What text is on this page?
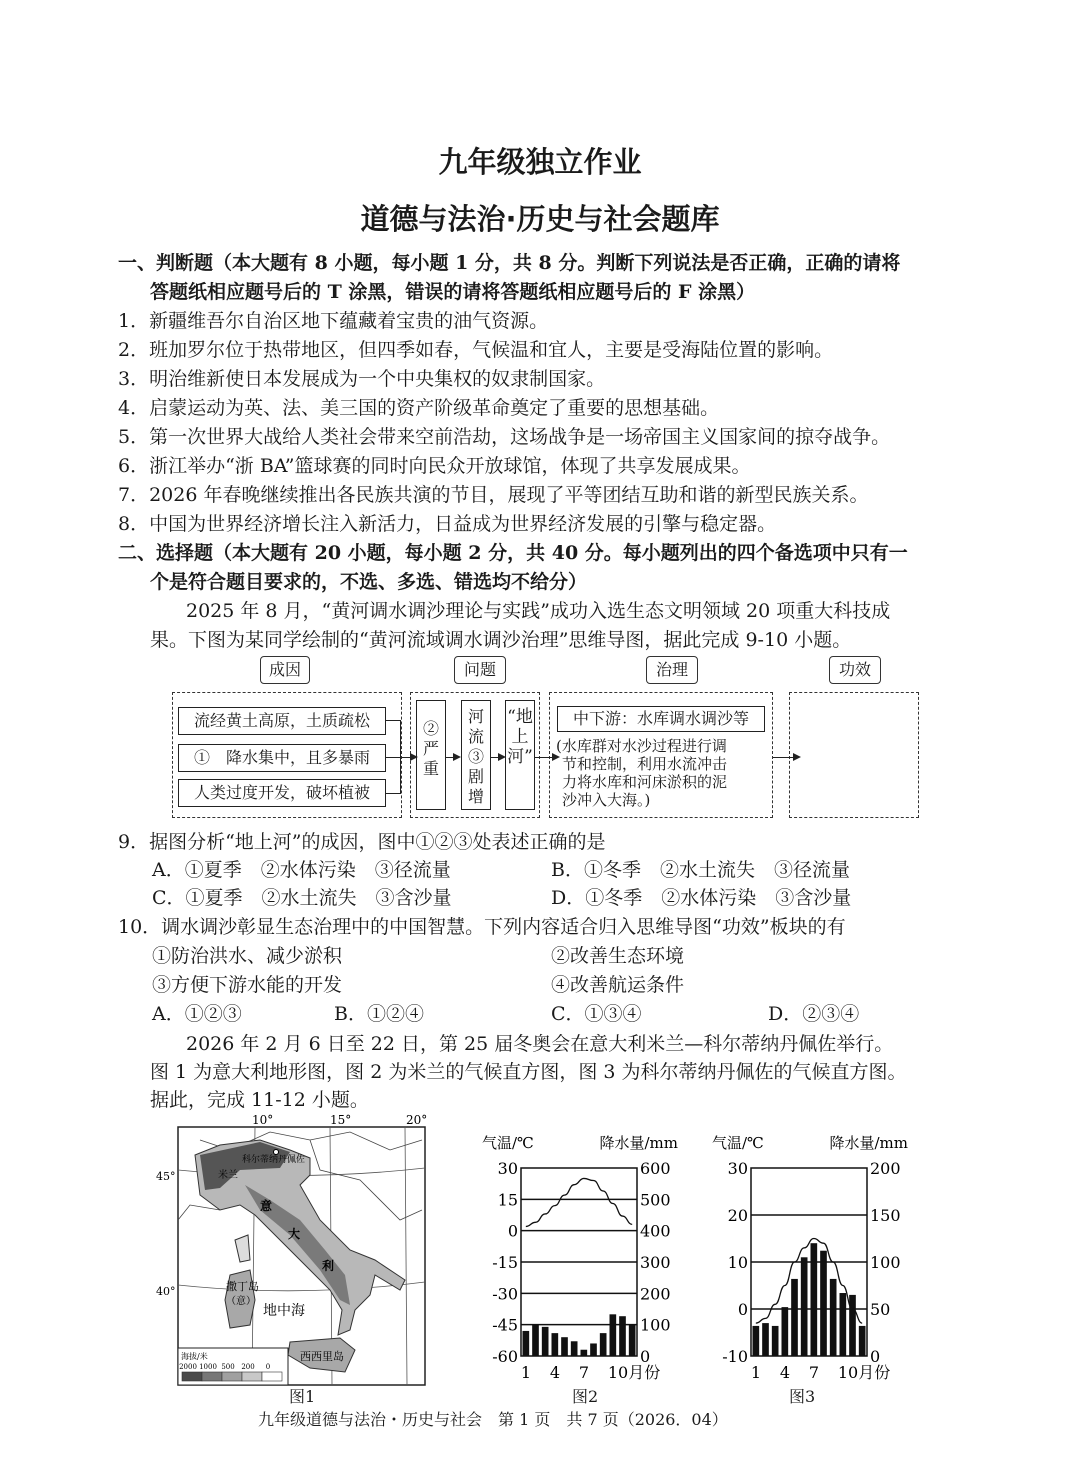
九年级独立作业
道德与法治·历史与社会题库
一、判断题（本大题有 8 小题，每小题 1 分，共 8 分。判断下列说法是否正确，正确的请将
答题纸相应题号后的 T 涂黑，错误的请将答题纸相应题号后的 F 涂黑）
1．新疆维吾尔自治区地下蕴藏着宝贵的油气资源。
2．班加罗尔位于热带地区，但四季如春，气候温和宜人，主要是受海陆位置的影响。
3．明治维新使日本发展成为一个中央集权的奴隶制国家。
4．启蒙运动为英、法、美三国的资产阶级革命奠定了重要的思想基础。
5．第一次世界大战给人类社会带来空前浩劫，这场战争是一场帝国主义国家间的掠夺战争。
6．浙江举办“浙 BA”篮球赛的同时向民众开放球馆，体现了共享发展成果。
7．2026 年春晚继续推出各民族共演的节目，展现了平等团结互助和谐的新型民族关系。
8．中国为世界经济增长注入新活力，日益成为世界经济发展的引擎与稳定器。
二、选择题（本大题有 20 小题，每小题 2 分，共 40 分。每小题列出的四个备选项中只有一
个是符合题目要求的，不选、多选、错选均不给分）
2025 年 8 月，“黄河调水调沙理论与实践”成功入选生态文明领域 20 项重大科技成
果。下图为某同学绘制的“黄河流域调水调沙治理”思维导图，据此完成 9-10 小题。
成因	问题	治理	功效
流经黄土高原，土质疏松
①　降水集中，且多暴雨
人类过度开发，破坏植被
②严重
河流③剧增
“地上河”
中下游：水库调水调沙等
(水库群对水沙过程进行调
节和控制，利用水流冲击
力将水库和河床淤积的泥
沙冲入大海。)
9．据图分析“地上河”的成因，图中①②③处表述正确的是
A．①夏季　②水体污染　③径流量	B．①冬季　②水土流失　③径流量
C．①夏季　②水土流失　③含沙量	D．①冬季　②水体污染　③含沙量
10．调水调沙彰显生态治理中的中国智慧。下列内容适合归入思维导图“功效”板块的有
①防治洪水、减少淤积	②改善生态环境
③方便下游水能的开发	④改善航运条件
A．①②③	B．①②④	C．①③④	D．②③④
2026 年 2 月 6 日至 22 日，第 25 届冬奥会在意大利米兰—科尔蒂纳丹佩佐举行。
图 1 为意大利地形图，图 2 为米兰的气候直方图，图 3 为科尔蒂纳丹佩佐的气候直方图。
据此，完成 11-12 小题。
10°	15°	20°
45°
40°
米兰
科尔蒂纳丹佩佐
意
大
利
撒丁岛
（意）
地中海
西西里岛
海拔/米
2000 1000 500 200 0
气温/℃	降水量/mm
30	600
15	500
0	400
-15	300
-30	200
-45	100
-60	0
1 4 7 10月份
气温/℃	降水量/mm
30	200
20	150
10	100
0	50
-10	0
1 4 7 10月份
图1	图2	图3
九年级道德与法治・历史与社会　第 1 页　共 7 页（2026．04）
